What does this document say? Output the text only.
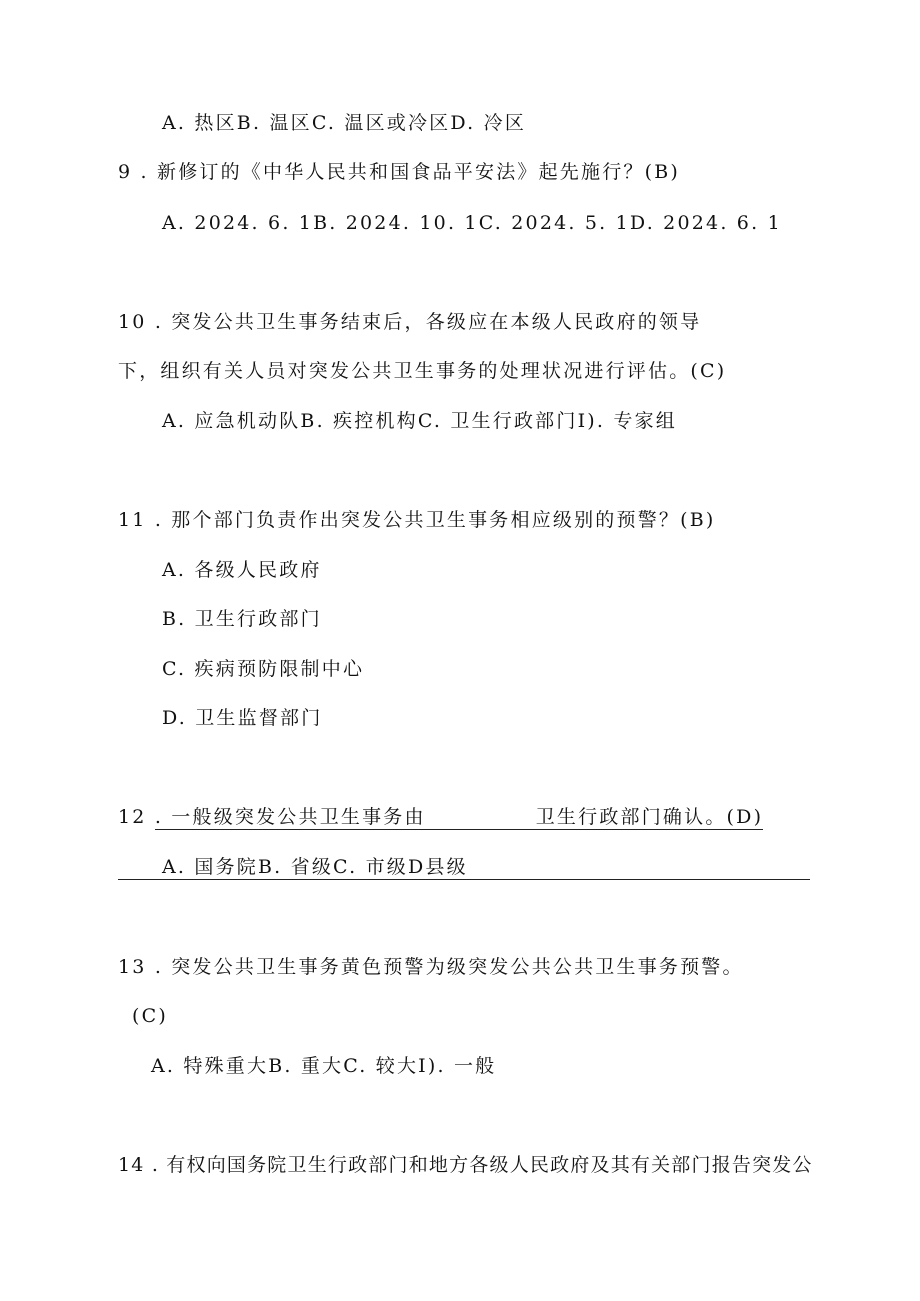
A. 热区B. 温区C. 温区或冷区D. 冷区
9 . 新修订的《中华人民共和国食品平安法》起先施行？(B)
A. 2024. 6. 1B. 2024. 10. 1C. 2024. 5. 1D. 2024. 6. 1
10 . 突发公共卫生事务结束后，各级应在本级人民政府的领导
下，组织有关人员对突发公共卫生事务的处理状况进行评估。(C)
A. 应急机动队B. 疾控机构C. 卫生行政部门I). 专家组
11 . 那个部门负责作出突发公共卫生事务相应级别的预警？(B)
A. 各级人民政府
B. 卫生行政部门
C. 疾病预防限制中心
D. 卫生监督部门
12 . 一般级突发公共卫生事务由	卫生行政部门确认。(D)
A. 国务院B. 省级C. 市级D县级
13 . 突发公共卫生事务黄色预警为级突发公共公共卫生事务预警。
(C)
A. 特殊重大B. 重大C. 较大I). 一般
14 . 有权向国务院卫生行政部门和地方各级人民政府及其有关部门报告突发公
